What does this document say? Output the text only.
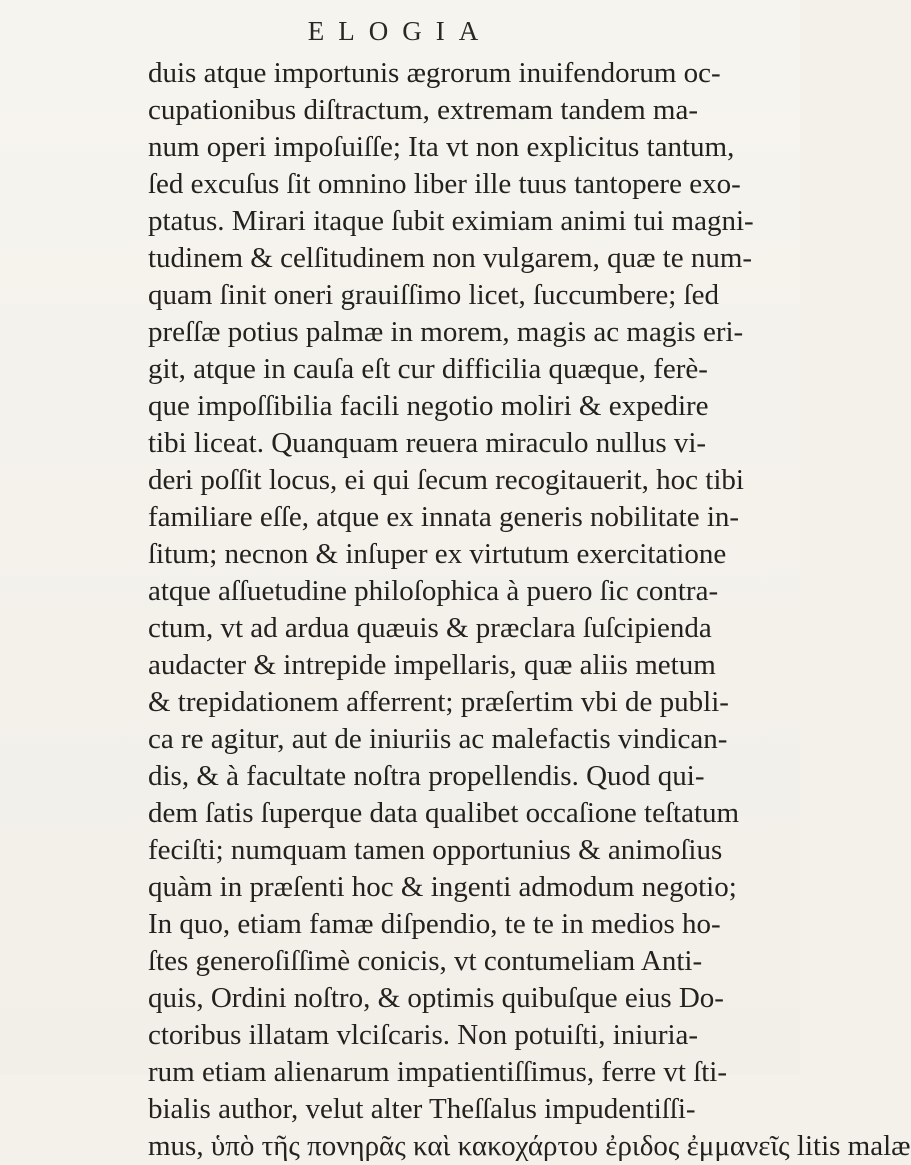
ELOGIA
duis atque importunis ægrorum inuifendorum oc-
cupationibus diſtractum, extremam tandem ma-
num operi impoſuiſſe; Ita vt non explicitus tantum,
ſed excuſus ſit omnino liber ille tuus tantopere exo-
ptatus. Mirari itaque ſubit eximiam animi tui magni-
tudinem & celſitudinem non vulgarem, quæ te num-
quam ſinit oneri grauiſſimo licet, ſuccumbere; ſed
preſſæ potius palmæ in morem, magis ac magis eri-
git, atque in cauſa eſt cur difficilia quæque, ferè-
que impoſſibilia facili negotio moliri & expedire
tibi liceat. Quanquam reuera miraculo nullus vi-
deri poſſit locus, ei qui ſecum recogitauerit, hoc tibi
familiare eſſe, atque ex innata generis nobilitate in-
ſitum; necnon & inſuper ex virtutum exercitatione
atque aſſuetudine philoſophica à puero ſic contra-
ctum, vt ad ardua quæuis & præclara ſuſcipienda
audacter & intrepide impellaris, quæ aliis metum
& trepidationem afferrent; præſertim vbi de publi-
ca re agitur, aut de iniuriis ac malefactis vindican-
dis, & à facultate noſtra propellendis. Quod qui-
dem ſatis ſuperque data qualibet occaſione teſtatum
feciſti; numquam tamen opportunius & animoſius
quàm in præſenti hoc & ingenti admodum negotio;
In quo, etiam famæ diſpendio, te te in medios ho-
ſtes generoſiſſimè conicis, vt contumeliam Anti-
quis, Ordini noſtro, & optimis quibuſque eius Do-
ctoribus illatam vlciſcaris. Non potuiſti, iniuria-
rum etiam alienarum impatientiſſimus, ferre vt ſti-
bialis author, velut alter Theſſalus impudentiſſi-
mus, ὑπὸ τῆς πονηρᾶς καὶ κακοχάρτου ἐριδος ἐμμανεῖς litis malæ
